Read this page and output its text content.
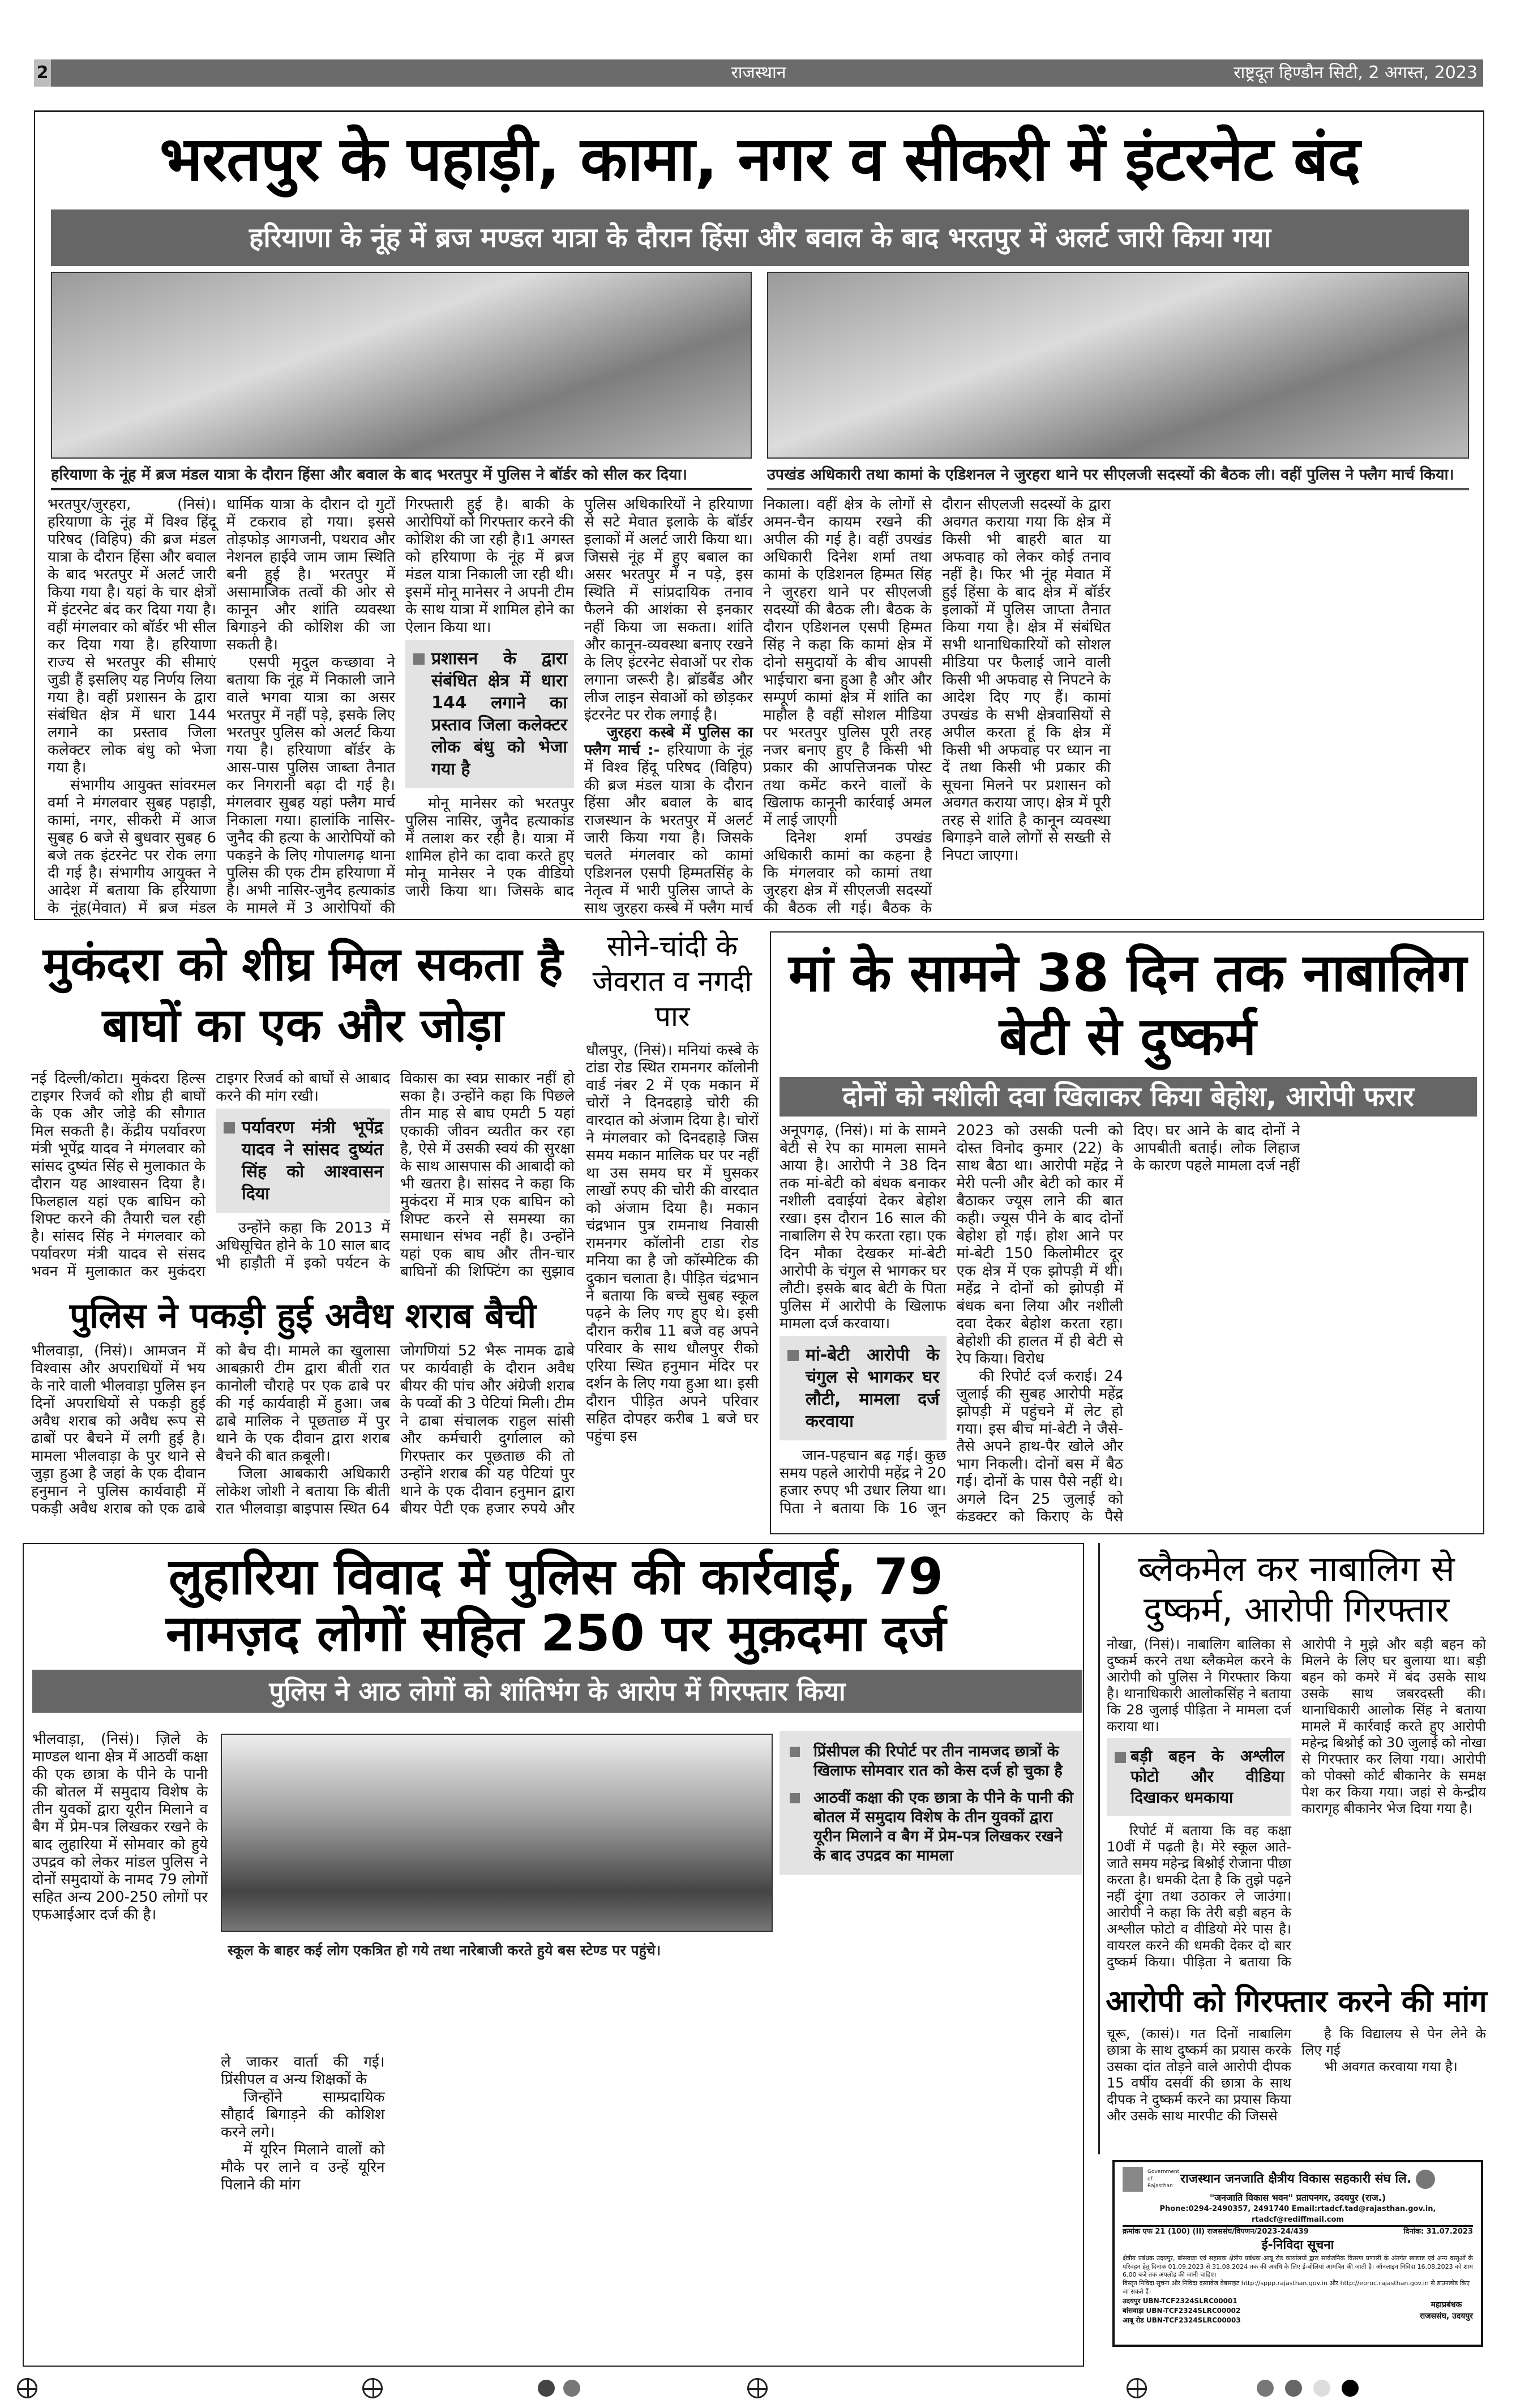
2	राजस्थान	राष्ट्रदूत हिण्डौन सिटी, 2 अगस्त, 2023
भरतपुर के पहाड़ी, कामा, नगर व सीकरी में इंटरनेट बंद
हरियाणा के नूंह में ब्रज मण्डल यात्रा के दौरान हिंसा और बवाल के बाद भरतपुर में अलर्ट जारी किया गया
हरियाणा के नूंह में ब्रज मंडल यात्रा के दौरान हिंसा और बवाल के बाद भरतपुर में पुलिस ने बॉर्डर को सील कर दिया।	उपखंड अधिकारी तथा कामां के एडिशनल ने जुरहरा थाने पर सीएलजी सदस्यों की बैठक ली। वहीं पुलिस ने फ्लैग मार्च किया।

भरतपुर/जुरहरा, (निसं)। हरियाणा के नूंह में विश्व हिंदू परिषद (विहिप) की ब्रज मंडल यात्रा के दौरान हिंसा और बवाल के बाद भरतपुर में अलर्ट जारी किया गया है। यहां के चार क्षेत्रों में इंटरनेट बंद कर दिया गया है। वहीं मंगलवार को बॉर्डर भी सील कर दिया गया है। हरियाणा राज्य से भरतपुर की सीमाएं जुडी हैं इसलिए यह निर्णय लिया गया है। वहीं प्रशासन के द्वारा संबंधित क्षेत्र में धारा 144 लगाने का प्रस्ताव जिला कलेक्टर लोक बंधु को भेजा गया है।

संभागीय आयुक्त सांवरमल वर्मा ने मंगलवार सुबह पहाड़ी, कामां, नगर, सीकरी में आज सुबह 6 बजे से बुधवार सुबह 6 बजे तक इंटरनेट पर रोक लगा दी गई है। संभागीय आयुक्त ने आदेश में बताया कि हरियाणा के नूंह(मेवात) में ब्रज मंडल धार्मिक यात्रा के दौरान दो गुटों में टकराव हो गया। इससे तोड़फोड़ आगजनी, पथराव और नेशनल हाईवे जाम जाम स्थिति बनी हुई है। भरतपुर में असामाजिक तत्वों की ओर से कानून और शांति व्यवस्था बिगाड़ने की कोशिश की जा सकती है।

एसपी मृदुल कच्छावा ने बताया कि नूंह में निकाली जाने वाले भगवा यात्रा का असर भरतपुर में नहीं पड़े, इसके लिए भरतपुर पुलिस को अलर्ट किया गया है। हरियाणा बॉर्डर के आस-पास पुलिस जाब्ता तैनात कर निगरानी बढ़ा दी गई है। मंगलवार सुबह यहां फ्लैग मार्च निकाला गया। हालांकि नासिर-जुनैद की हत्या के आरोपियों को पकड़ने के लिए गोपालगढ़ थाना पुलिस की एक टीम हरियाणा में है। अभी नासिर-जुनैद हत्याकांड के मामले में 3 आरोपियों की गिरफ्तारी हुई है। बाकी के आरोपियों को गिरफ्तार करने की कोशिश की जा रही है।1 अगस्त को हरियाणा के नूंह में ब्रज मंडल यात्रा निकाली जा रही थी। इसमें मोनू मानेसर ने अपनी टीम के साथ यात्रा में शामिल होने का ऐलान किया था।

प्रशासन के द्वारा संबंधित क्षेत्र में धारा 144 लगाने का प्रस्ताव जिला कलेक्टर लोक बंधु को भेजा गया है

मोनू मानेसर को भरतपुर पुलिस नासिर, जुनैद हत्याकांड में तलाश कर रही है। यात्रा में शामिल होने का दावा करते हुए मोनू मानेसर ने एक वीडियो जारी किया था। जिसके बाद पुलिस अधिकारियों ने हरियाणा से सटे मेवात इलाके के बॉर्डर इलाकों में अलर्ट जारी किया था। जिससे नूंह में हुए बबाल का असर भरतपुर में न पड़े, इस स्थिति में सांप्रदायिक तनाव फैलने की आशंका से इनकार नहीं किया जा सकता। शांति और कानून-व्यवस्था बनाए रखने के लिए इंटरनेट सेवाओं पर रोक लगाना जरूरी है। ब्रॉडबैंड और लीज लाइन सेवाओं को छोड़कर इंटरनेट पर रोक लगाई है।

जुरहरा कस्बे में पुलिस का फ्लैग मार्च :- हरियाणा के नूंह में विश्व हिंदू परिषद (विहिप) की ब्रज मंडल यात्रा के दौरान हिंसा और बवाल के बाद राजस्थान के भरतपुर में अलर्ट जारी किया गया है। जिसके चलते मंगलवार को कामां एडिशनल एसपी हिम्मतसिंह के नेतृत्व में भारी पुलिस जाप्ते के साथ जुरहरा कस्बे में फ्लैग मार्च निकाला। वहीं क्षेत्र के लोगों से अमन-चैन कायम रखने की अपील की गई है। वहीं उपखंड अधिकारी दिनेश शर्मा तथा कामां के एडिशनल हिम्मत सिंह ने जुरहरा थाने पर सीएलजी सदस्यों की बैठक ली। बैठक के दौरान एडिशनल एसपी हिम्मत सिंह ने कहा कि कामां क्षेत्र में दोनो समुदायों के बीच आपसी भाईचारा बना हुआ है और और सम्पूर्ण कामां क्षेत्र में शांति का माहौल है वहीं सोशल मीडिया पर भरतपुर पुलिस पूरी तरह नजर बनाए हुए है किसी भी प्रकार की आपत्तिजनक पोस्ट तथा कमेंट करने वालों के खिलाफ कानूनी कार्रवाई अमल में लाई जाएगी

दिनेश शर्मा उपखंड अधिकारी कामां का कहना है कि मंगलवार को कामां तथा जुरहरा क्षेत्र में सीएलजी सदस्यों की बैठक ली गई। बैठक के दौरान सीएलजी सदस्यों के द्वारा अवगत कराया गया कि क्षेत्र में किसी भी बाहरी बात या अफवाह को लेकर कोई तनाव नहीं है। फिर भी नूंह मेवात में हुई हिंसा के बाद क्षेत्र में बॉर्डर इलाकों में पुलिस जाप्ता तैनात किया गया है। क्षेत्र में संबंधित सभी थानाधिकारियों को सोशल मीडिया पर फैलाई जाने वाली किसी भी अफवाह से निपटने के आदेश दिए गए हैं। कामां उपखंड के सभी क्षेत्रवासियों से अपील करता हूं कि क्षेत्र में किसी भी अफवाह पर ध्यान ना दें तथा किसी भी प्रकार की सूचना मिलने पर प्रशासन को अवगत कराया जाए। क्षेत्र में पूरी तरह से शांति है कानून व्यवस्था बिगाड़ने वाले लोगों से सख्ती से निपटा जाएगा।

मुकंदरा को शीघ्र मिल सकता है बाघों का एक और जोड़ा

नई दिल्ली/कोटा। मुकंदरा हिल्स टाइगर रिजर्व को शीघ्र ही बाघों के एक और जोड़े की सौगात मिल सकती है। केंद्रीय पर्यावरण मंत्री भूपेंद्र यादव ने मंगलवार को सांसद दुष्यंत सिंह से मुलाकात के दौरान यह आश्वासन दिया है। फिलहाल यहां एक बाघिन को शिफ्ट करने की तैयारी चल रही है। सांसद सिंह ने मंगलवार को पर्यावरण मंत्री यादव से संसद भवन में मुलाकात कर मुकंदरा टाइगर रिजर्व को बाघों से आबाद करने की मांग रखी।

पर्यावरण मंत्री भूपेंद्र यादव ने सांसद दुष्यंत सिंह को आश्वासन दिया

उन्होंने कहा कि 2013 में अधिसूचित होने के 10 साल बाद भी हाड़ौती में इको पर्यटन के विकास का स्वप्न साकार नहीं हो सका है। उन्होंने कहा कि पिछले तीन माह से बाघ एमटी 5 यहां एकाकी जीवन व्यतीत कर रहा है, ऐसे में उसकी स्वयं की सुरक्षा के साथ आसपास की आबादी को भी खतरा है। सांसद ने कहा कि मुकंदरा में मात्र एक बाघिन को शिफ्ट करने से समस्या का समाधान संभव नहीं है। उन्होंने यहां एक बाघ और तीन-चार बाघिनों की शिफ्टिंग का सुझाव

सोने-चांदी के जेवरात व नगदी पार

धौलपुर, (निसं)। मनियां कस्बे के टांडा रोड स्थित रामनगर कॉलोनी वार्ड नंबर 2 में एक मकान में चोरों ने दिनदहाड़े चोरी की वारदात को अंजाम दिया है। चोरों ने मंगलवार को दिनदहाड़े जिस समय मकान मालिक घर पर नहीं था उस समय घर में घुसकर लाखों रुपए की चोरी की वारदात को अंजाम दिया है। मकान चंद्रभान पुत्र रामनाथ निवासी रामनगर कॉलोनी टाडा रोड मनिया का है जो कॉस्मेटिक की दुकान चलाता है। पीड़ित चंद्रभान ने बताया कि बच्चे सुबह स्कूल पढ़ने के लिए गए हुए थे। इसी दौरान करीब 11 बजे वह अपने परिवार के साथ धौलपुर रीको एरिया स्थित हनुमान मंदिर पर दर्शन के लिए गया हुआ था। इसी दौरान पीड़ित अपने परिवार सहित दोपहर करीब 1 बजे घर पहुंचा इस

पुलिस ने पकड़ी हुई अवैध शराब बैची

भीलवाड़ा, (निसं)। आमजन में विश्वास और अपराधियों में भय के नारे वाली भीलवाड़ा पुलिस इन दिनों अपराधियों से पकड़ी हुई अवैध शराब को अवैध रूप से ढाबों पर बैचने में लगी हुई है। मामला भीलवाड़ा के पुर थाने से जुड़ा हुआ है जहां के एक दीवान हनुमान ने पुलिस कार्यवाही में पकड़ी अवैध शराब को एक ढाबे को बैच दी। मामले का खुलासा आबक़ारी टीम द्वारा बीती रात कानोली चौराहे पर एक ढाबे पर की गई कार्यवाही में हुआ। जब ढाबे मालिक ने पूछताछ में पुर थाने के एक दीवान द्वारा शराब बैचने की बात क़बूली।

जिला आबकारी अधिकारी लोकेश जोशी ने बताया कि बीती रात भीलवाड़ा बाइपास स्थित 64 जोगणियां 52 भैरू नामक ढाबे पर कार्यवाही के दौरान अवैध बीयर की पांच और अंग्रेजी शराब के पव्वों की 3 पेटियां मिली। टीम ने ढाबा संचालक राहुल सांसी और कर्मचारी दुर्गालाल को गिरफ्तार कर पूछताछ की तो उन्होंने शराब की यह पेटियां पुर थाने के एक दीवान हनुमान द्वारा बीयर पेटी एक हजार रुपये और

मां के सामने 38 दिन तक नाबालिग बेटी से दुष्कर्म
दोनों को नशीली दवा खिलाकर किया बेहोश, आरोपी फरार

अनूपगढ़, (निसं)। मां के सामने बेटी से रेप का मामला सामने आया है। आरोपी ने 38 दिन तक मां-बेटी को बंधक बनाकर नशीली दवाईयां देकर बेहोश रखा। इस दौरान 16 साल की नाबालिग से रेप करता रहा। एक दिन मौका देखकर मां-बेटी आरोपी के चंगुल से भागकर घर लौटी। इसके बाद बेटी के पिता पुलिस में आरोपी के खिलाफ मामला दर्ज करवाया।

मां-बेटी आरोपी के चंगुल से भागकर घर लौटी, मामला दर्ज करवाया

जान-पहचान बढ़ गई। कुछ समय पहले आरोपी महेंद्र ने 20 हजार रुपए भी उधार लिया था। पिता ने बताया कि 16 जून 2023 को उसकी पत्नी को दोस्त विनोद कुमार (22) के साथ बैठा था। आरोपी महेंद्र ने मेरी पत्नी और बेटी को कार में बैठाकर ज्यूस लाने की बात कही। ज्यूस पीने के बाद दोनों बेहोश हो गई। होश आने पर मां-बेटी 150 किलोमीटर दूर एक क्षेत्र में एक झोपड़ी में थी। महेंद्र ने दोनों को झोपड़ी में बंधक बना लिया और नशीली दवा देकर बेहोश करता रहा। बेहोशी की हालत में ही बेटी से रेप किया। विरोध

की रिपोर्ट दर्ज कराई। 24 जुलाई की सुबह आरोपी महेंद्र झोपड़ी में पहुंचने में लेट हो गया। इस बीच मां-बेटी ने जैसे-तैसे अपने हाथ-पैर खोले और भाग निकली। दोनों बस में बैठ गई। दोनों के पास पैसे नहीं थे। अगले दिन 25 जुलाई को कंडक्टर को किराए के पैसे दिए। घर आने के बाद दोनों ने आपबीती बताई। लोक लिहाज के कारण पहले मामला दर्ज नहीं

लुहारिया विवाद में पुलिस की कार्रवाई, 79 नामज़द लोगों सहित 250 पर मुक़दमा दर्ज
पुलिस ने आठ लोगों को शांतिभंग के आरोप में गिरफ्तार किया

भीलवाड़ा, (निसं)। ज़िले के माण्डल थाना क्षेत्र में आठवीं कक्षा की एक छात्रा के पीने के पानी की बोतल में समुदाय विशेष के तीन युवकों द्वारा यूरीन मिलाने व बैग में प्रेम-पत्र लिखकर रखने के बाद लुहारिया में सोमवार को हुये उपद्रव को लेकर मांडल पुलिस ने दोनों समुदायों के नामद 79 लोगों सहित अन्य 200-250 लोगों पर एफआईआर दर्ज की है।

स्कूल के बाहर कई लोग एकत्रित हो गये तथा नारेबाजी करते हुये बस स्टेण्ड पर पहुंचे।
प्रिंसीपल की रिपोर्ट पर तीन नामजद छात्रों के खिलाफ सोमवार रात को केस दर्ज हो चुका है
आठवीं कक्षा की एक छात्रा के पीने के पानी की बोतल में समुदाय विशेष के तीन युवकों द्वारा यूरीन मिलाने व बैग में प्रेम-पत्र लिखकर रखने के बाद उपद्रव का मामला

ले जाकर वार्ता की गई। प्रिंसीपल व अन्य शिक्षकों के

जिन्होंने साम्प्रदायिक सौहार्द बिगाड़ने की कोशिश करने लगे।

में यूरिन मिलाने वालों को मौके पर लाने व उन्हें यूरिन पिलाने की मांग

ब्लैकमेल कर नाबालिग से दुष्कर्म, आरोपी गिरफ्तार

नोखा, (निसं)। नाबालिग बालिका से दुष्कर्म करने तथा ब्लैकमेल करने के आरोपी को पुलिस ने गिरफ्तार किया है। थानाधिकारी आलोकसिंह ने बताया कि 28 जुलाई पीड़िता ने मामला दर्ज कराया था।

बड़ी बहन के अश्लील फोटो और वीडिया दिखाकर धमकाया

रिपोर्ट में बताया कि वह कक्षा 10वीं में पढ़ती है। मेरे स्कूल आते-जाते समय महेन्द्र बिश्नोई रोजाना पीछा करता है। धमकी देता है कि तुझे पढ़ने नहीं दूंगा तथा उठाकर ले जाउंगा। आरोपी ने कहा कि तेरी बड़ी बहन के अश्लील फोटो व वीडियो मेरे पास है। वायरल करने की धमकी देकर दो बार दुष्कर्म किया। पीड़िता ने बताया कि आरोपी ने मुझे और बड़ी बहन को मिलने के लिए घर बुलाया था। बड़ी बहन को कमरे में बंद उसके साथ उसके साथ जबरदस्ती की। थानाधिकारी आलोक सिंह ने बताया मामले में कार्रवाई करते हुए आरोपी महेन्द्र बिश्नोई को 30 जुलाई को नोखा से गिरफ्तार कर लिया गया। आरोपी को पोक्सो कोर्ट बीकानेर के समक्ष पेश कर किया गया। जहां से केन्द्रीय कारागृह बीकानेर भेज दिया गया है।

आरोपी को गिरफ्तार करने की मांग

चूरू, (कासं)। गत दिनों नाबालिग छात्रा के साथ दुष्कर्म का प्रयास करके उसका दांत तोड़ने वाले आरोपी दीपक 15 वर्षीय दसवीं की छात्रा के साथ दीपक ने दुष्कर्म करने का प्रयास किया और उसके साथ मारपीट की जिससे

है कि विद्यालय से पेन लेने के लिए गई

भी अवगत करवाया गया है।

Government of Rajasthan
राजस्थान जनजाति क्षैत्रीय विकास सहकारी संघ लि.
"जनजाति विकास भवन" प्रतापनगर, उदयपुर (राज.)
Phone:0294-2490357, 2491740 Email:rtadcf.tad@rajasthan.gov.in, rtadcf@rediffmail.com
क्रमांक एफ 21 (100) (II) राजससंघ/विपणन/2023-24/439	दिनांक: 31.07.2023
ई-निविदा सूचना
क्षेत्रीय प्रबंधक उदयपुर, बांसवाड़ा एवं सहायक क्षेत्रीय प्रबंधक आबू रोड कार्यालयों द्वारा सार्वजनिक वितरण प्रणाली के अंतर्गत खाद्यान्न एवं अन्य वस्तुओं के परिवहन हेतु दिनांक 01.09.2023 से 31.08.2024 तक की अवधि के लिए ई-बोलियां आमंत्रित की जाती है। ऑनलाइन निविदा 16.08.2023 को शाम 6.00 बजे तक अपलोड की जानी चाहिए।
विस्तृत निविदा सूचना और निविदा दस्तावेज वेबसाइट http://sppp.rajasthan.gov.in और http://eproc.rajasthan.gov.in से डाउनलोड किए जा सकते हैं।
उदयपुर UBN-TCF2324SLRC00001
बांसवाड़ा UBN-TCF2324SLRC00002
आबू रोड UBN-TCF2324SLRC00003
महाप्रबंधक
राजससंघ, उदयपुर
